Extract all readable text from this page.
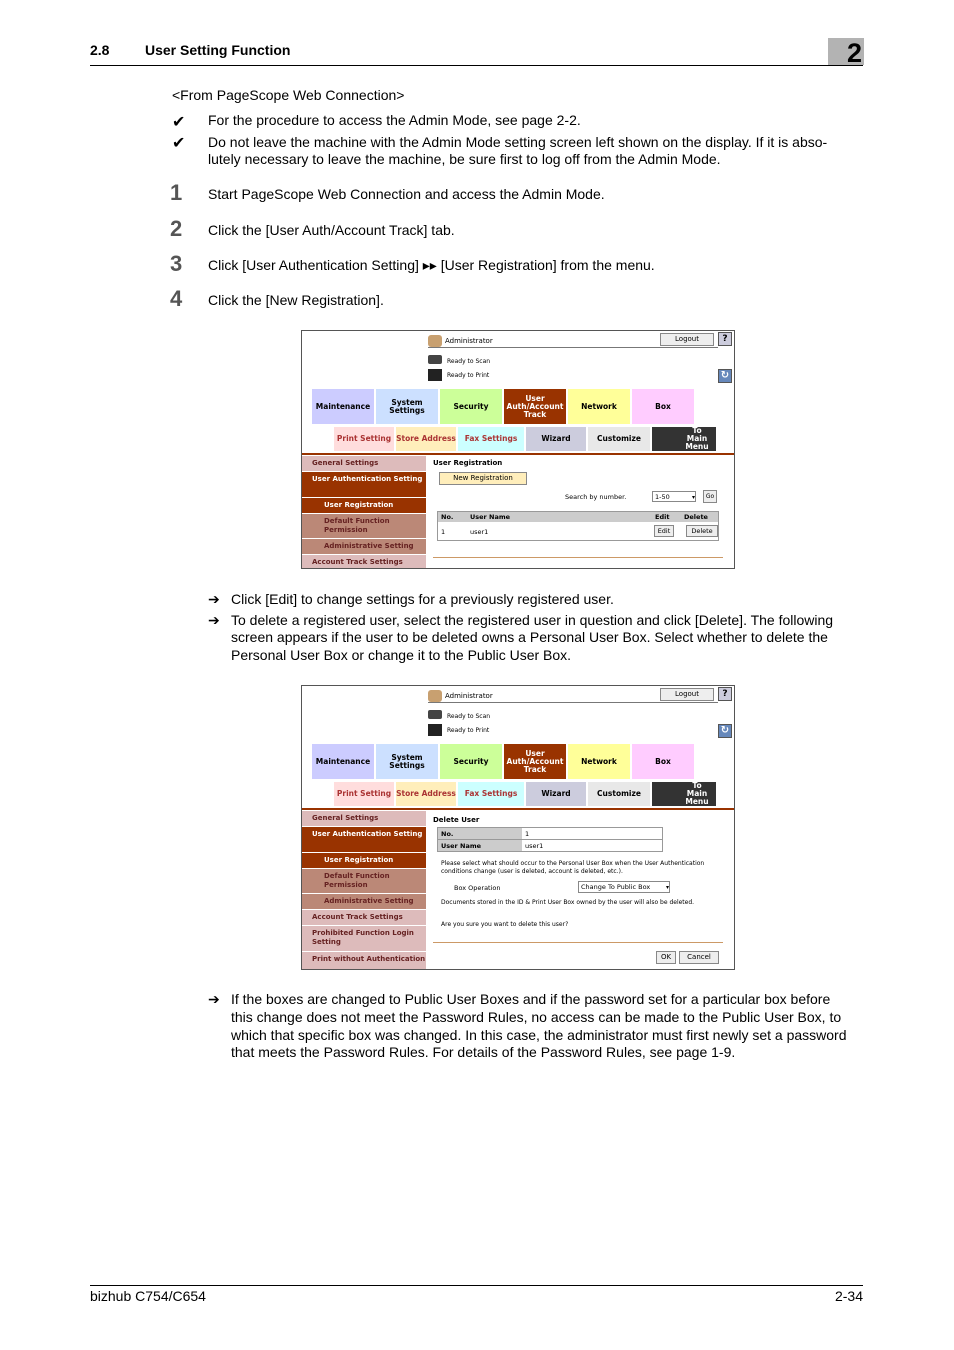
2.8	User Setting Function	2
<From PageScope Web Connection>
✔ For the procedure to access the Admin Mode, see page 2-2.
✔ Do not leave the machine with the Admin Mode setting screen left shown on the display. If it is abso-
lutely necessary to leave the machine, be sure first to log off from the Admin Mode.
1 Start PageScope Web Connection and access the Admin Mode.
2 Click the [User Auth/Account Track] tab.
3 Click [User Authentication Setting] ▸▸ [User Registration] from the menu.
4 Click the [New Registration].
Administrator	Logout	?
Ready to Scan
Ready to Print	↻
Maintenance	System Settings	Security
User Auth/Account Track
Network	Box
Print Setting Store Address	Fax Settings	Wizard	Customize
To Main Menu
General Settings
User Authentication Setting
User Registration
Default Function Permission
Administrative Setting
Account Track Settings
User Registration
New Registration
Search by number.	1-50	▾	Go
No.	User Name	Edit Delete
1	user1	Edit	Delete
➔ Click [Edit] to change settings for a previously registered user.
➔ To delete a registered user, select the registered user in question and click [Delete]. The following
screen appears if the user to be deleted owns a Personal User Box. Select whether to delete the
Personal User Box or change it to the Public User Box.
Administrator	Logout	?
Ready to Scan
Ready to Print	↻
Maintenance	System Settings	Security
User Auth/Account Track
Network	Box
Print Setting Store Address	Fax Settings	Wizard	Customize
To Main Menu
General Settings
User Authentication Setting
User Registration
Default Function Permission
Administrative Setting
Account Track Settings
Prohibited Function Login Setting
Print without Authentication
Delete User
No.	1
User Name	user1
Please select what should occur to the Personal User Box when the User Authentication conditions change (user is deleted, account is deleted, etc.).
Box Operation	Change To Public Box	▾
Documents stored in the ID & Print User Box owned by the user will also be deleted.
Are you sure you want to delete this user?
OK	Cancel
➔ If the boxes are changed to Public User Boxes and if the password set for a particular box before
this change does not meet the Password Rules, no access can be made to the Public User Box, to
which that specific box was changed. In this case, the administrator must first newly set a password
that meets the Password Rules. For details of the Password Rules, see page 1-9.
bizhub C754/C654	2-34
